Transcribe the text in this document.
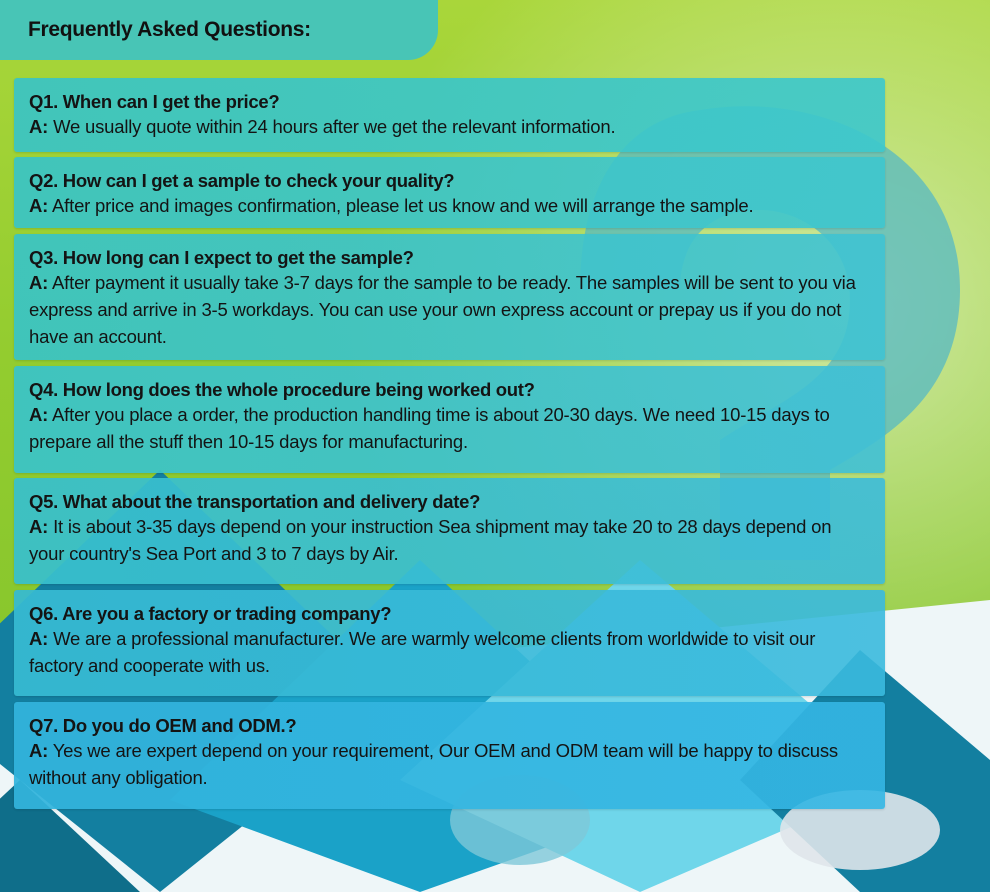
Frequently Asked Questions:

Q1. When can I get the price?

A: We usually quote within 24 hours after we get the relevant information.

Q2. How can I get a sample to check your quality?

A: After price and images confirmation, please let us know and we will arrange the sample.

Q3. How long can I expect to get the sample?

A: After payment it usually take 3-7 days for the sample to be ready. The samples will be sent to you via express and arrive in 3-5 workdays. You can use your own express account or prepay us if you do not have an account.

Q4. How long does the whole procedure being worked out?

A: After you place a order, the production handling time is about 20-30 days. We need 10-15 days to prepare all the stuff then 10-15 days for manufacturing.

Q5. What about the transportation and delivery date?

A: It is about 3-35 days depend on your instruction Sea shipment may take 20 to 28 days depend on your country's Sea Port and 3 to 7 days by Air.

Q6. Are you a factory or trading company?

A: We are a professional manufacturer. We are warmly welcome clients from worldwide to visit our factory and cooperate with us.

Q7. Do you do OEM and ODM.?

A: Yes we are expert depend on your requirement, Our OEM and ODM team will be happy to discuss without any obligation.
